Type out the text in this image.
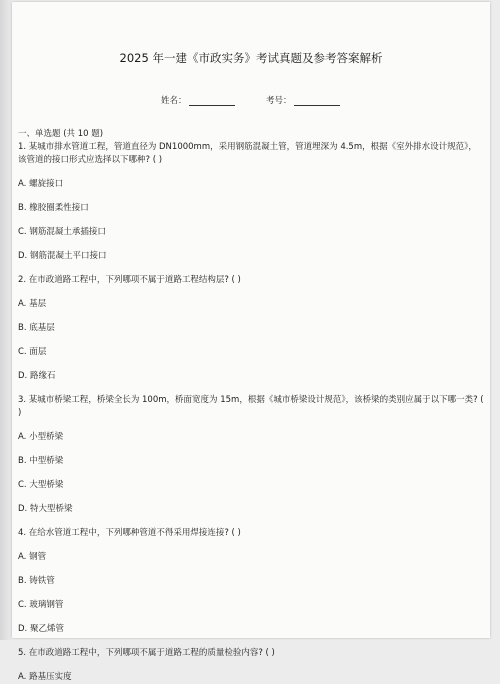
2025 年一建《市政实务》考试真题及参考答案解析
姓名：	考号：
一、单选题 (共 10 题)
1. 某城市排水管道工程，管道直径为 DN1000mm，采用钢筋混凝土管，管道埋深为 4.5m，根据《室外排水设计规范》，该管道的接口形式应选择以下哪种? ( )
A. 螺旋接口
B. 橡胶圈柔性接口
C. 钢筋混凝土承插接口
D. 钢筋混凝土平口接口
2. 在市政道路工程中，下列哪项不属于道路工程结构层? ( )
A. 基层
B. 底基层
C. 面层
D. 路缘石
3. 某城市桥梁工程，桥梁全长为 100m，桥面宽度为 15m，根据《城市桥梁设计规范》，该桥梁的类别应属于以下哪一类? ( )
A. 小型桥梁
B. 中型桥梁
C. 大型桥梁
D. 特大型桥梁
4. 在给水管道工程中，下列哪种管道不得采用焊接连接? ( )
A. 钢管
B. 铸铁管
C. 玻璃钢管
D. 聚乙烯管
5. 在市政道路工程中，下列哪项不属于道路工程的质量检验内容? ( )
A. 路基压实度
